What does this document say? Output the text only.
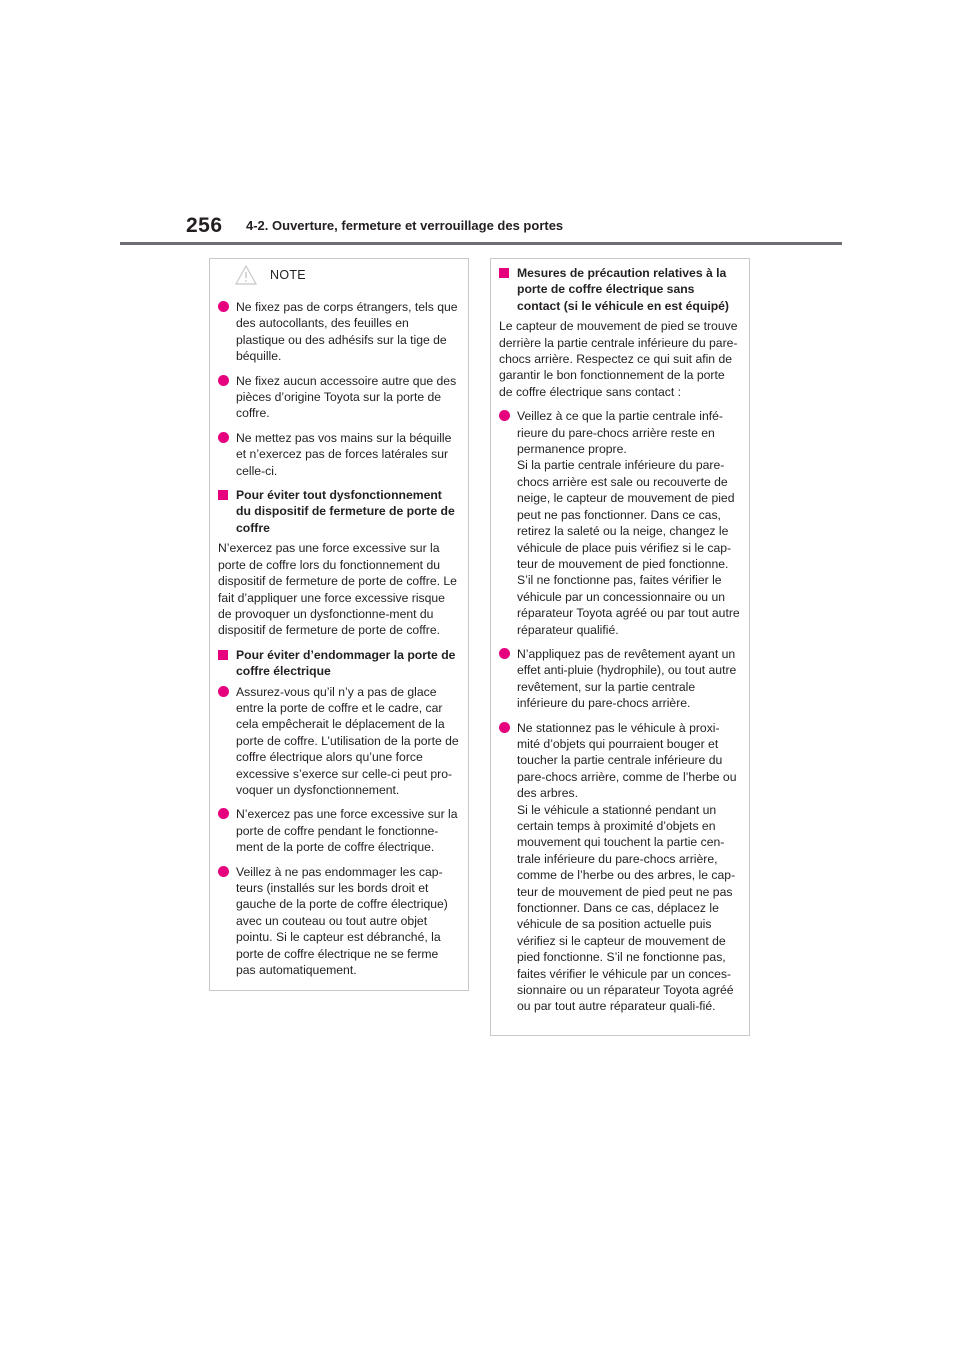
256 4-2. Ouverture, fermeture et verrouillage des portes
NOTE
Ne fixez pas de corps étrangers, tels que des autocollants, des feuilles en plastique ou des adhésifs sur la tige de béquille.
Ne fixez aucun accessoire autre que des pièces d’origine Toyota sur la porte de coffre.
Ne mettez pas vos mains sur la béquille et n’exercez pas de forces latérales sur celle-ci.
Pour éviter tout dysfonctionnement du dispositif de fermeture de porte de coffre
N’exercez pas une force excessive sur la porte de coffre lors du fonctionnement du dispositif de fermeture de porte de coffre. Le fait d’appliquer une force excessive risque de provoquer un dysfonctionne-ment du dispositif de fermeture de porte de coffre.
Pour éviter d’endommager la porte de coffre électrique
Assurez-vous qu’il n’y a pas de glace entre la porte de coffre et le cadre, car cela empêcherait le déplacement de la porte de coffre. L’utilisation de la porte de coffre électrique alors qu’une force excessive s’exerce sur celle-ci peut pro-voquer un dysfonctionnement.
N’exercez pas une force excessive sur la porte de coffre pendant le fonctionne-ment de la porte de coffre électrique.
Veillez à ne pas endommager les cap-teurs (installés sur les bords droit et gauche de la porte de coffre électrique) avec un couteau ou tout autre objet pointu. Si le capteur est débranché, la porte de coffre électrique ne se ferme pas automatiquement.
Mesures de précaution relatives à la porte de coffre électrique sans contact (si le véhicule en est équipé)
Le capteur de mouvement de pied se trouve derrière la partie centrale inférieure du pare-chocs arrière. Respectez ce qui suit afin de garantir le bon fonctionnement de la porte de coffre électrique sans contact :
Veillez à ce que la partie centrale infé-rieure du pare-chocs arrière reste en permanence propre.
Si la partie centrale inférieure du pare-chocs arrière est sale ou recouverte de neige, le capteur de mouvement de pied peut ne pas fonctionner. Dans ce cas, retirez la saleté ou la neige, changez le véhicule de place puis vérifiez si le cap-teur de mouvement de pied fonctionne. S’il ne fonctionne pas, faites vérifier le véhicule par un concessionnaire ou un réparateur Toyota agréé ou par tout autre réparateur qualifié.
N’appliquez pas de revêtement ayant un effet anti-pluie (hydrophile), ou tout autre revêtement, sur la partie centrale inférieure du pare-chocs arrière.
Ne stationnez pas le véhicule à proxi-mité d’objets qui pourraient bouger et toucher la partie centrale inférieure du pare-chocs arrière, comme de l’herbe ou des arbres.
Si le véhicule a stationné pendant un certain temps à proximité d’objets en mouvement qui touchent la partie cen-trale inférieure du pare-chocs arrière, comme de l’herbe ou des arbres, le cap-teur de mouvement de pied peut ne pas fonctionner. Dans ce cas, déplacez le véhicule de sa position actuelle puis vérifiez si le capteur de mouvement de pied fonctionne. S’il ne fonctionne pas, faites vérifier le véhicule par un conces-sionnaire ou un réparateur Toyota agréé ou par tout autre réparateur quali-fié.
